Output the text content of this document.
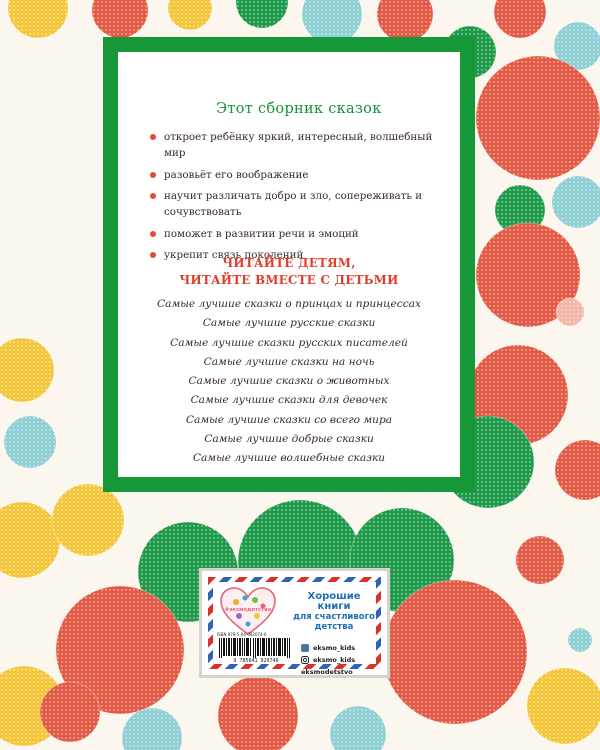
Этот сборник сказок
откроет ребёнку яркий, интересный, волшебный мир
разовьёт его воображение
научит различать добро и зло, сопереживать и сочувствовать
поможет в развитии речи и эмоций
укрепит связь поколений
ЧИТАЙТЕ ДЕТЯМ,
ЧИТАЙТЕ ВМЕСТЕ С ДЕТЬМИ
Самые лучшие сказки о принцах и принцессах
Самые лучшие русские сказки
Самые лучшие сказки русских писателей
Самые лучшие сказки на ночь
Самые лучшие сказки о животных
Самые лучшие сказки для девочек
Самые лучшие сказки со всего мира
Самые лучшие добрые сказки
Самые лучшие волшебные сказки
#эксмодетство
Хорошие
книги
для счастливого
детства
ISBN 978-5-04-092074-6
9 785041 920746
eksmo_kids
eksmo_kids
eksmodetstvo
